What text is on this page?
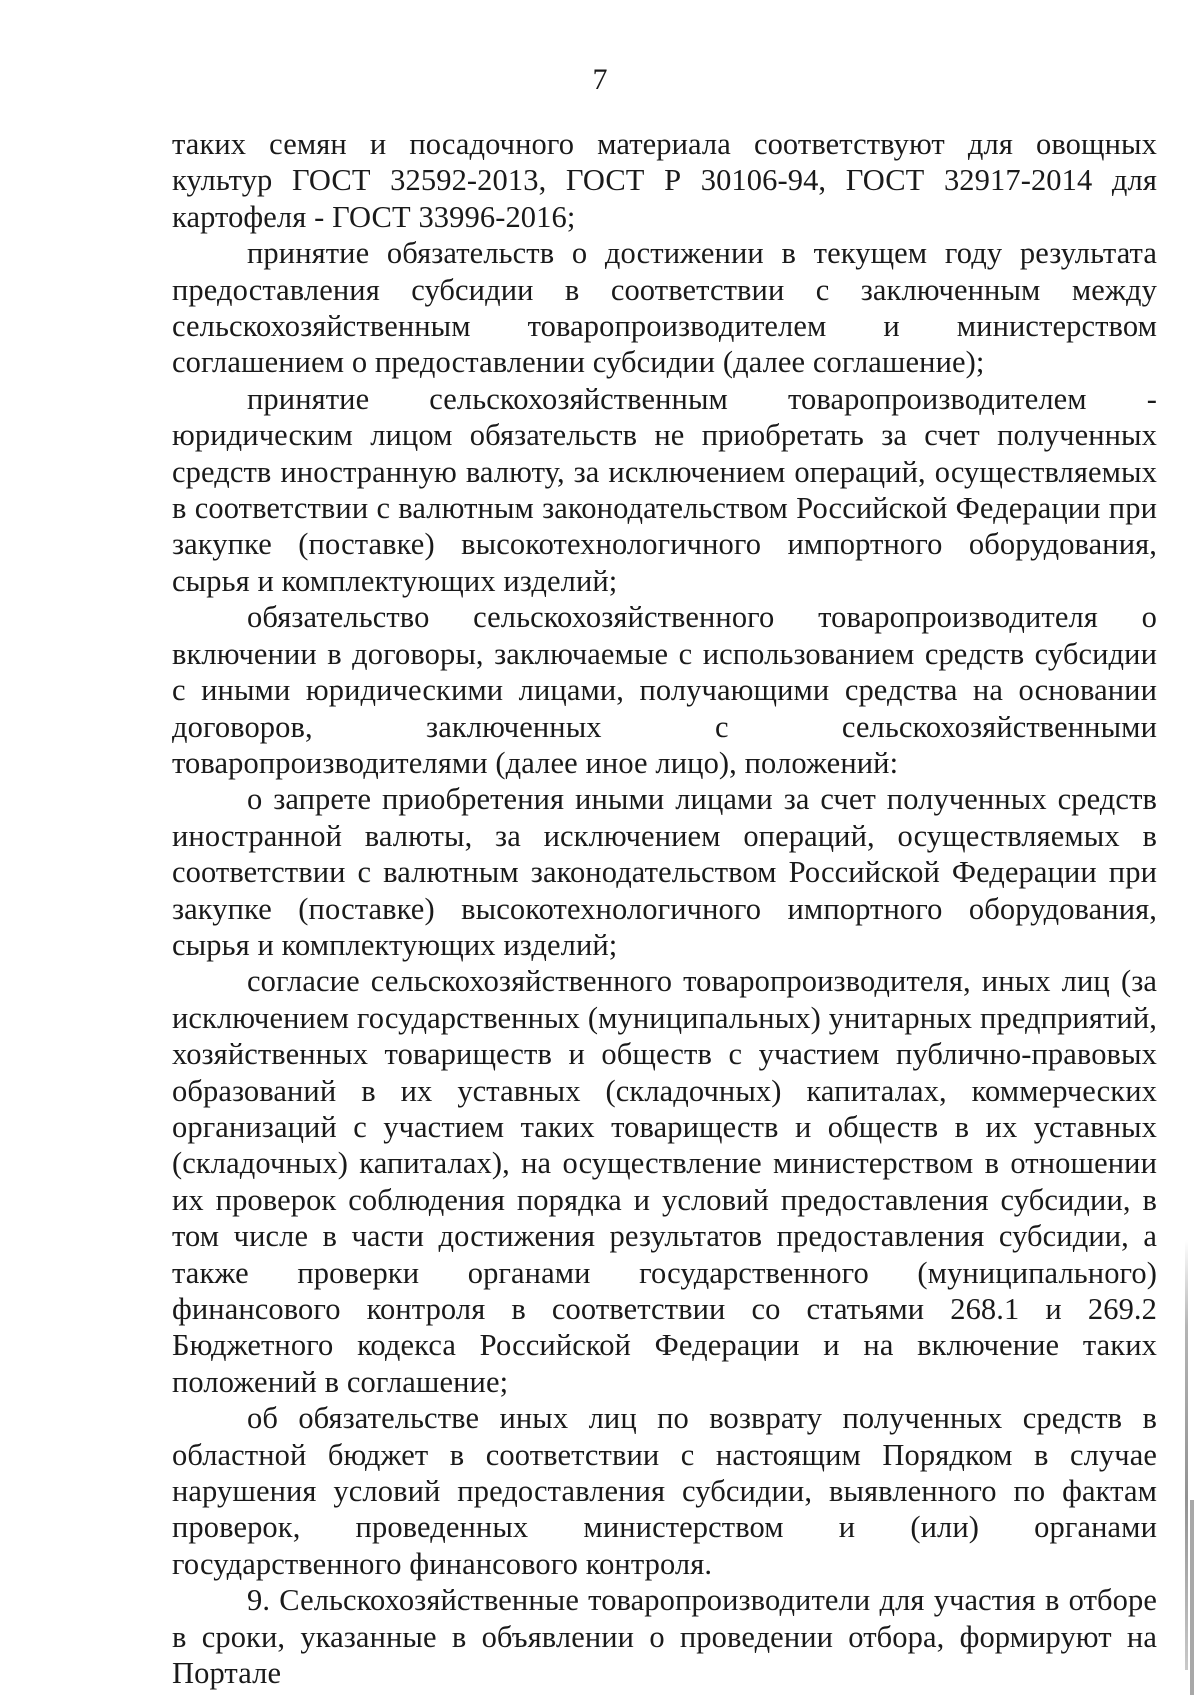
7

таких семян и посадочного материала соответствуют для овощных культур ГОСТ 32592-2013, ГОСТ Р 30106-94, ГОСТ 32917-2014 для картофеля - ГОСТ 33996-2016;

принятие обязательств о достижении в текущем году результата предоставления субсидии в соответствии с заключенным между сельскохозяйственным товаропроизводителем и министерством соглашением о предоставлении субсидии (далее соглашение);

принятие сельскохозяйственным товаропроизводителем - юридическим лицом обязательств не приобретать за счет полученных средств иностранную валюту, за исключением операций, осуществляемых в соответствии с валютным законодательством Российской Федерации при закупке (поставке) высокотехнологичного импортного оборудования, сырья и комплектующих изделий;

обязательство сельскохозяйственного товаропроизводителя о включении в договоры, заключаемые с использованием средств субсидии с иными юридическими лицами, получающими средства на основании договоров, заключенных с сельскохозяйственными товаропроизводителями (далее иное лицо), положений:

о запрете приобретения иными лицами за счет полученных средств иностранной валюты, за исключением операций, осуществляемых в соответствии с валютным законодательством Российской Федерации при закупке (поставке) высокотехнологичного импортного оборудования, сырья и комплектующих изделий;

согласие сельскохозяйственного товаропроизводителя, иных лиц (за исключением государственных (муниципальных) унитарных предприятий, хозяйственных товариществ и обществ с участием публично-правовых образований в их уставных (складочных) капиталах, коммерческих организаций с участием таких товариществ и обществ в их уставных (складочных) капиталах), на осуществление министерством в отношении их проверок соблюдения порядка и условий предоставления субсидии, в том числе в части достижения результатов предоставления субсидии, а также проверки органами государственного (муниципального) финансового контроля в соответствии со статьями 268.1 и 269.2 Бюджетного кодекса Российской Федерации и на включение таких положений в соглашение;

об обязательстве иных лиц по возврату полученных средств в областной бюджет в соответствии с настоящим Порядком в случае нарушения условий предоставления субсидии, выявленного по фактам проверок, проведенных министерством и (или) органами государственного финансового контроля.

9. Сельскохозяйственные товаропроизводители для участия в отборе в сроки, указанные в объявлении о проведении отбора, формируют на Портале
